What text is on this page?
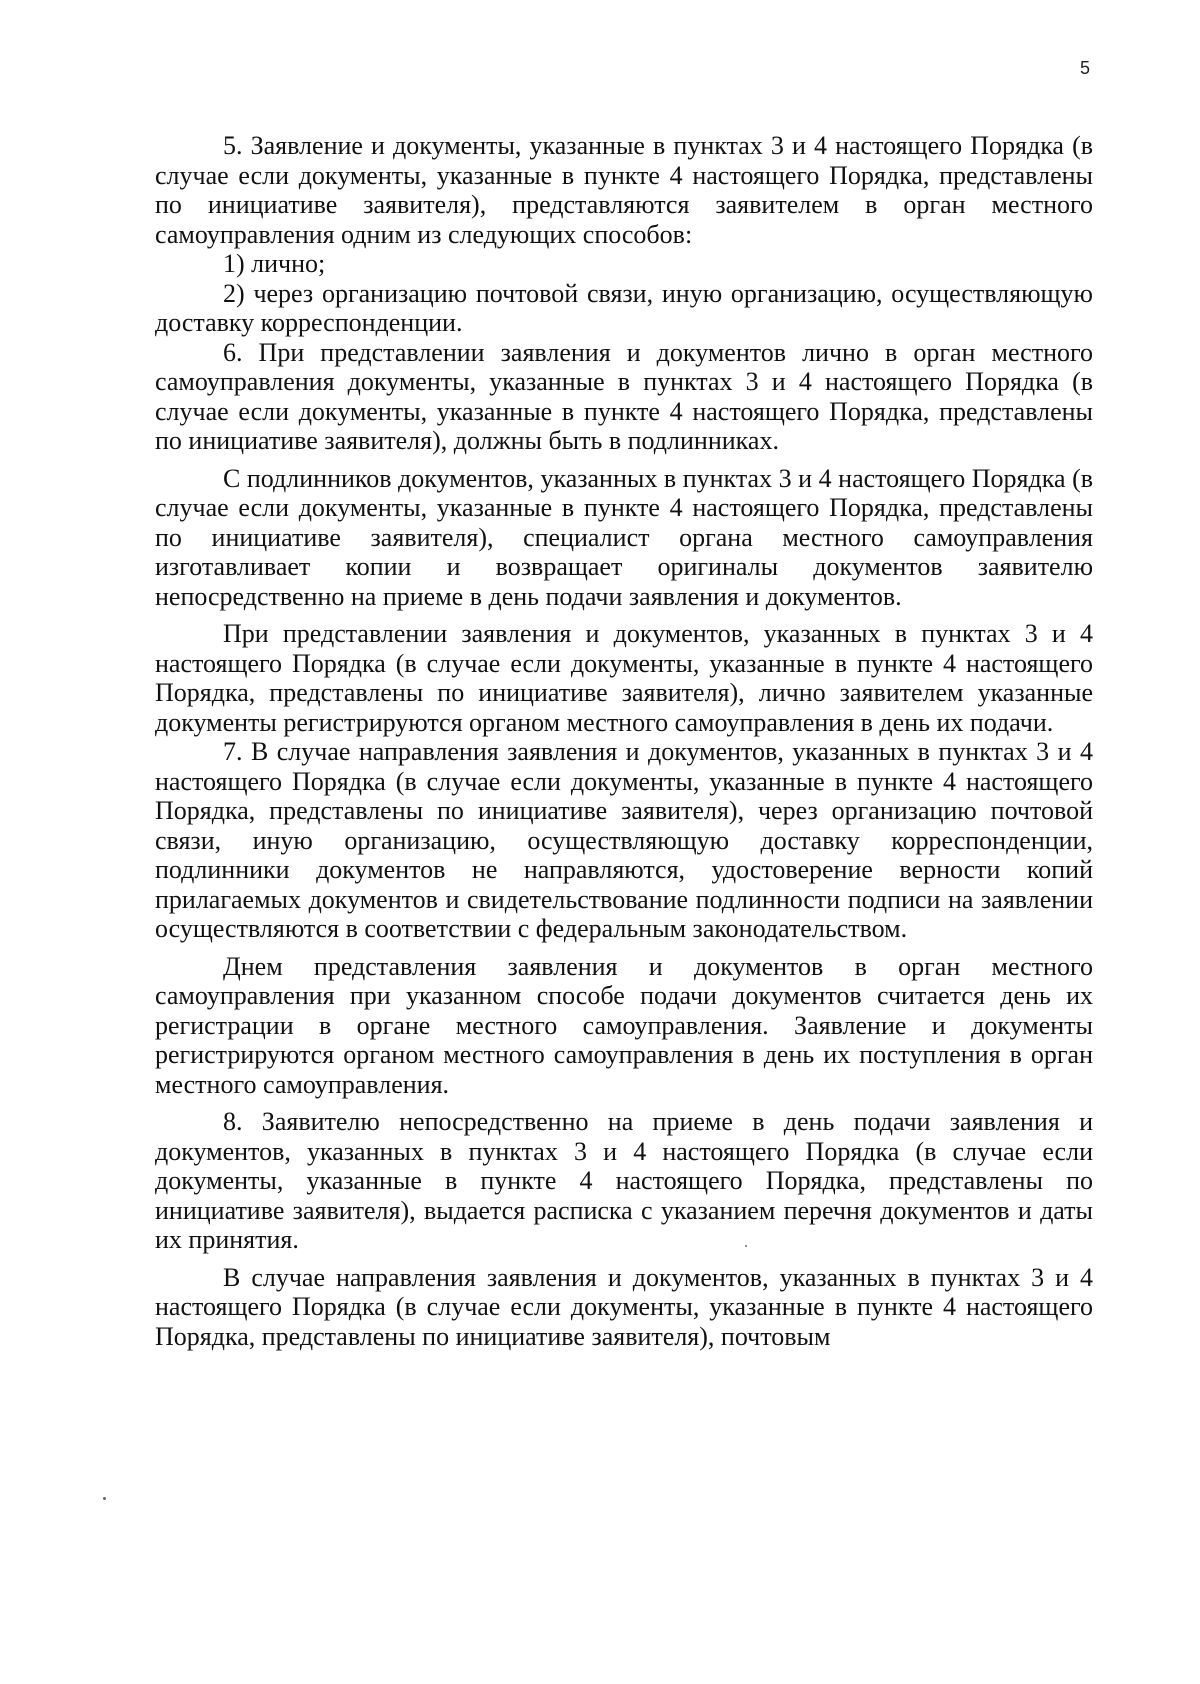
5

5. Заявление и документы, указанные в пунктах 3 и 4 настоящего Порядка (в случае если документы, указанные в пункте 4 настоящего Порядка, представлены по инициативе заявителя), представляются заявителем в орган местного самоуправления одним из следующих способов:

1) лично;

2) через организацию почтовой связи, иную организацию, осуществляющую доставку корреспонденции.

6. При представлении заявления и документов лично в орган местного самоуправления документы, указанные в пунктах 3 и 4 настоящего Порядка (в случае если документы, указанные в пункте 4 настоящего Порядка, представлены по инициативе заявителя), должны быть в подлинниках.

С подлинников документов, указанных в пунктах 3 и 4 настоящего Порядка (в случае если документы, указанные в пункте 4 настоящего Порядка, представлены по инициативе заявителя), специалист органа местного самоуправления изготавливает копии и возвращает оригиналы документов заявителю непосредственно на приеме в день подачи заявления и документов.

При представлении заявления и документов, указанных в пунктах 3 и 4 настоящего Порядка (в случае если документы, указанные в пункте 4 настоящего Порядка, представлены по инициативе заявителя), лично заявителем указанные документы регистрируются органом местного самоуправления в день их подачи.

7. В случае направления заявления и документов, указанных в пунктах 3 и 4 настоящего Порядка (в случае если документы, указанные в пункте 4 настоящего Порядка, представлены по инициативе заявителя), через организацию почтовой связи, иную организацию, осуществляющую доставку корреспонденции, подлинники документов не направляются, удостоверение верности копий прилагаемых документов и свидетельствование подлинности подписи на заявлении осуществляются в соответствии с федеральным законодательством.

Днем представления заявления и документов в орган местного самоуправления при указанном способе подачи документов считается день их регистрации в органе местного самоуправления. Заявление и документы регистрируются органом местного самоуправления в день их поступления в орган местного самоуправления.

8. Заявителю непосредственно на приеме в день подачи заявления и документов, указанных в пунктах 3 и 4 настоящего Порядка (в случае если документы, указанные в пункте 4 настоящего Порядка, представлены по инициативе заявителя), выдается расписка с указанием перечня документов и даты их принятия.

В случае направления заявления и документов, указанных в пунктах 3 и 4 настоящего Порядка (в случае если документы, указанные в пункте 4 настоящего Порядка, представлены по инициативе заявителя), почтовым
